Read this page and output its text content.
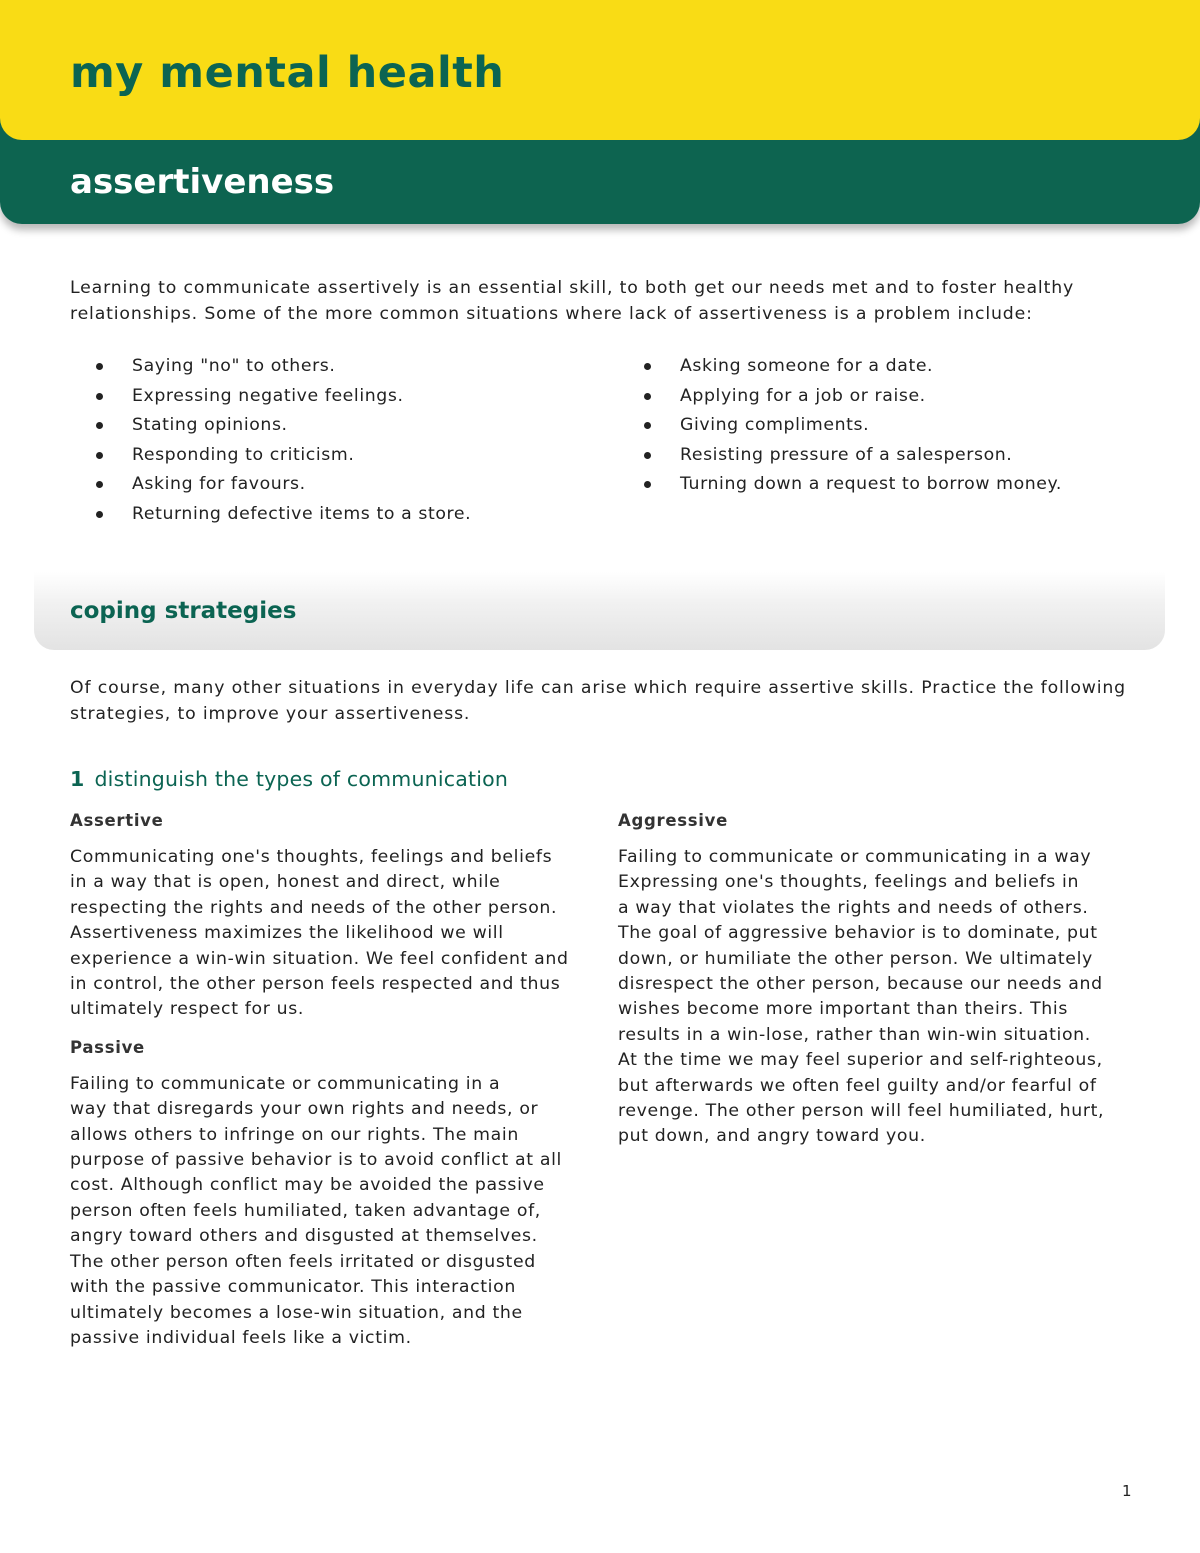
my mental health
assertiveness

Learning to communicate assertively is an essential skill, to both get our needs met and to foster healthy relationships. Some of the more common situations where lack of assertiveness is a problem include:

Saying "no" to others.
Expressing negative feelings.
Stating opinions.
Responding to criticism.
Asking for favours.
Returning defective items to a store.
Asking someone for a date.
Applying for a job or raise.
Giving compliments.
Resisting pressure of a salesperson.
Turning down a request to borrow money.
coping strategies

Of course, many other situations in everyday life can arise which require assertive skills. Practice the following strategies, to improve your assertiveness.

1 distinguish the types of communication
Assertive
Communicating one's thoughts, feelings and beliefs
in a way that is open, honest and direct, while
respecting the rights and needs of the other person.
Assertiveness maximizes the likelihood we will
experience a win-win situation. We feel confident and
in control, the other person feels respected and thus
ultimately respect for us.
Passive
Failing to communicate or communicating in a
way that disregards your own rights and needs, or
allows others to infringe on our rights. The main
purpose of passive behavior is to avoid conflict at all
cost. Although conflict may be avoided the passive
person often feels humiliated, taken advantage of,
angry toward others and disgusted at themselves.
The other person often feels irritated or disgusted
with the passive communicator. This interaction
ultimately becomes a lose-win situation, and the
passive individual feels like a victim.
Aggressive
Failing to communicate or communicating in a way
Expressing one's thoughts, feelings and beliefs in
a way that violates the rights and needs of others.
The goal of aggressive behavior is to dominate, put
down, or humiliate the other person. We ultimately
disrespect the other person, because our needs and
wishes become more important than theirs. This
results in a win-lose, rather than win-win situation.
At the time we may feel superior and self-righteous,
but afterwards we often feel guilty and/or fearful of
revenge. The other person will feel humiliated, hurt,
put down, and angry toward you.
1
